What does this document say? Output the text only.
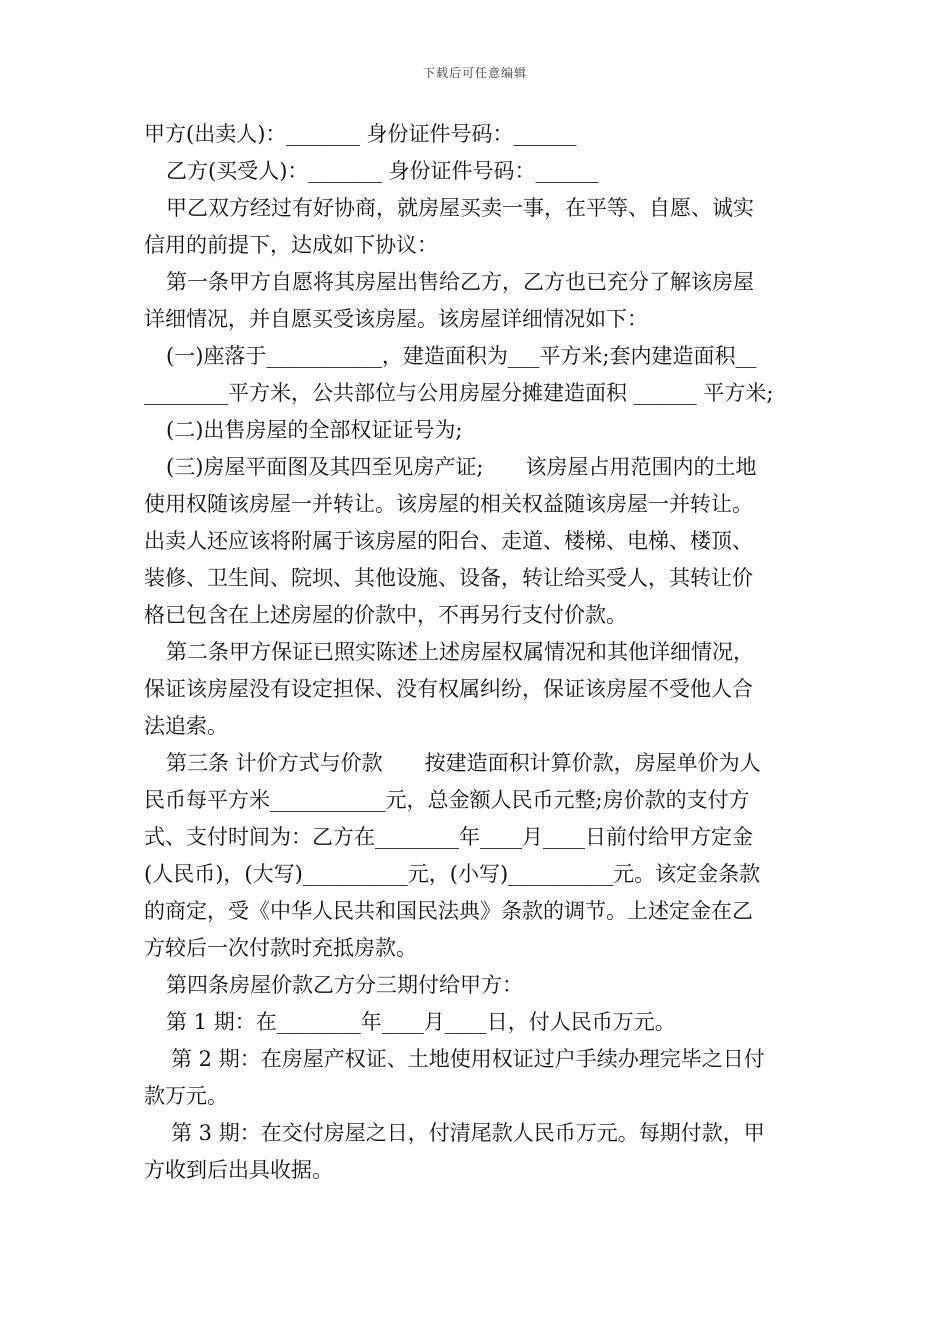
下载后可任意编辑
甲方(出卖人)：_______ 身份证件号码：______
乙方(买受人)：_______ 身份证件号码：______
甲乙双方经过有好协商，就房屋买卖一事，在平等、自愿、诚实
信用的前提下，达成如下协议：
第一条甲方自愿将其房屋出售给乙方，乙方也已充分了解该房屋
详细情况，并自愿买受该房屋。该房屋详细情况如下：
(一)座落于___________，建造面积为___平方米;套内建造面积__
________平方米，公共部位与公用房屋分摊建造面积 ______ 平方米;
(二)出售房屋的全部权证证号为;
(三)房屋平面图及其四至见房产证;　　该房屋占用范围内的土地
使用权随该房屋一并转让。该房屋的相关权益随该房屋一并转让。
出卖人还应该将附属于该房屋的阳台、走道、楼梯、电梯、楼顶、
装修、卫生间、院坝、其他设施、设备，转让给买受人，其转让价
格已包含在上述房屋的价款中，不再另行支付价款。
第二条甲方保证已照实陈述上述房屋权属情况和其他详细情况，
保证该房屋没有设定担保、没有权属纠纷，保证该房屋不受他人合
法追索。
第三条 计价方式与价款　　按建造面积计算价款，房屋单价为人
民币每平方米___________元，总金额人民币元整;房价款的支付方
式、支付时间为：乙方在________年____月____日前付给甲方定金
(人民币)，(大写)__________元，(小写)__________元。该定金条款
的商定，受《中华人民共和国民法典》条款的调节。上述定金在乙
方较后一次付款时充抵房款。
第四条房屋价款乙方分三期付给甲方：
第 1 期：在________年____月____日，付人民币万元。
第 2 期：在房屋产权证、土地使用权证过户手续办理完毕之日付
款万元。
第 3 期：在交付房屋之日，付清尾款人民币万元。每期付款，甲
方收到后出具收据。
